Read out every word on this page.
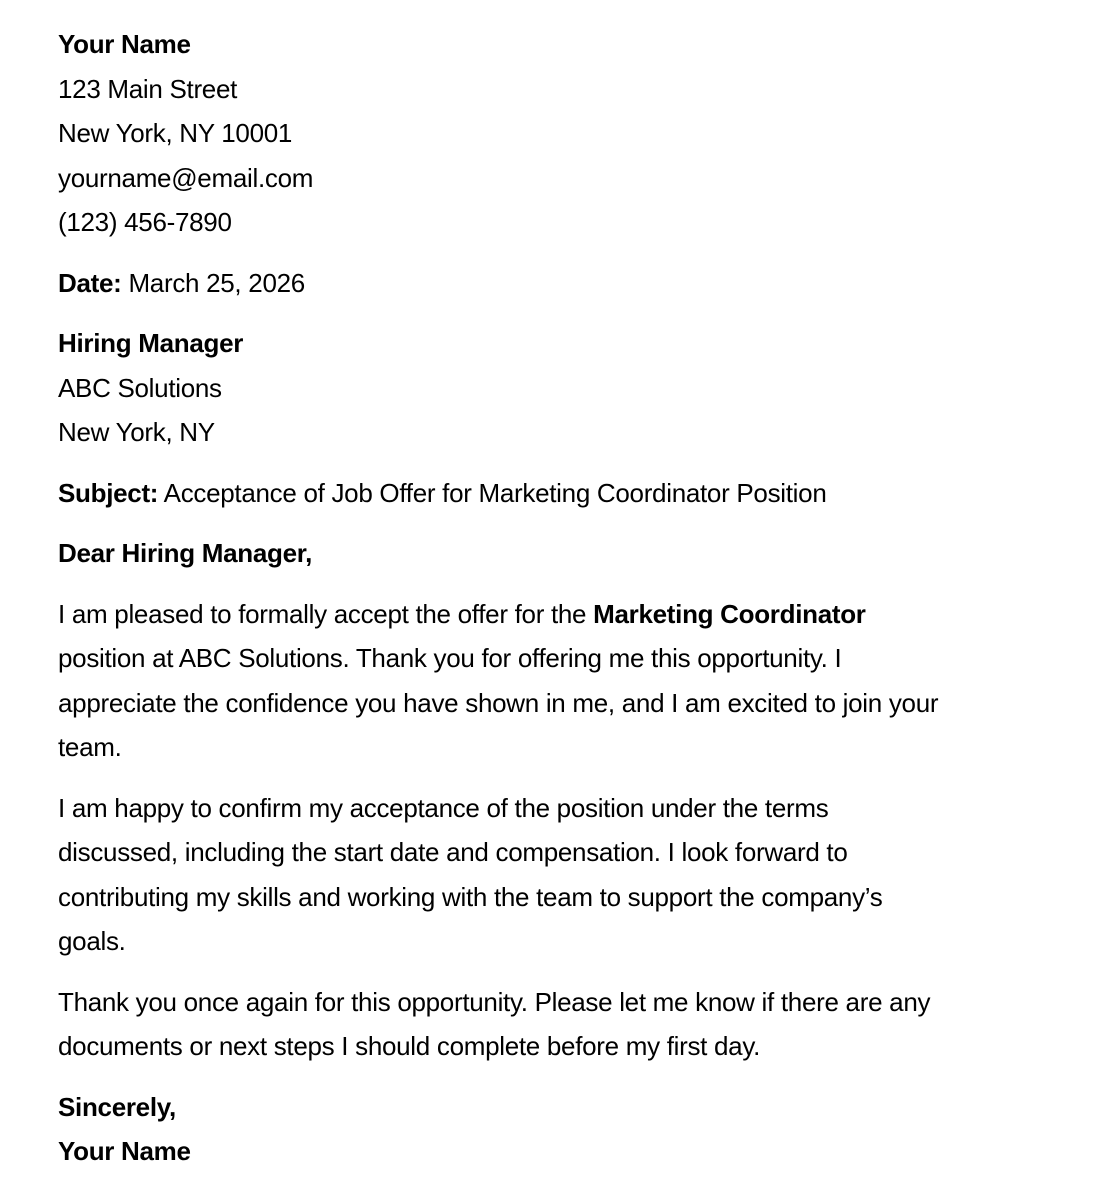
Your Name
123 Main Street
New York, NY 10001
yourname@email.com
(123) 456-7890
Date: March 25, 2026
Hiring Manager
ABC Solutions
New York, NY
Subject: Acceptance of Job Offer for Marketing Coordinator Position
Dear Hiring Manager,
I am pleased to formally accept the offer for the Marketing Coordinator
position at ABC Solutions. Thank you for offering me this opportunity. I
appreciate the confidence you have shown in me, and I am excited to join your
team.
I am happy to confirm my acceptance of the position under the terms
discussed, including the start date and compensation. I look forward to
contributing my skills and working with the team to support the company’s
goals.
Thank you once again for this opportunity. Please let me know if there are any
documents or next steps I should complete before my first day.
Sincerely,
Your Name
